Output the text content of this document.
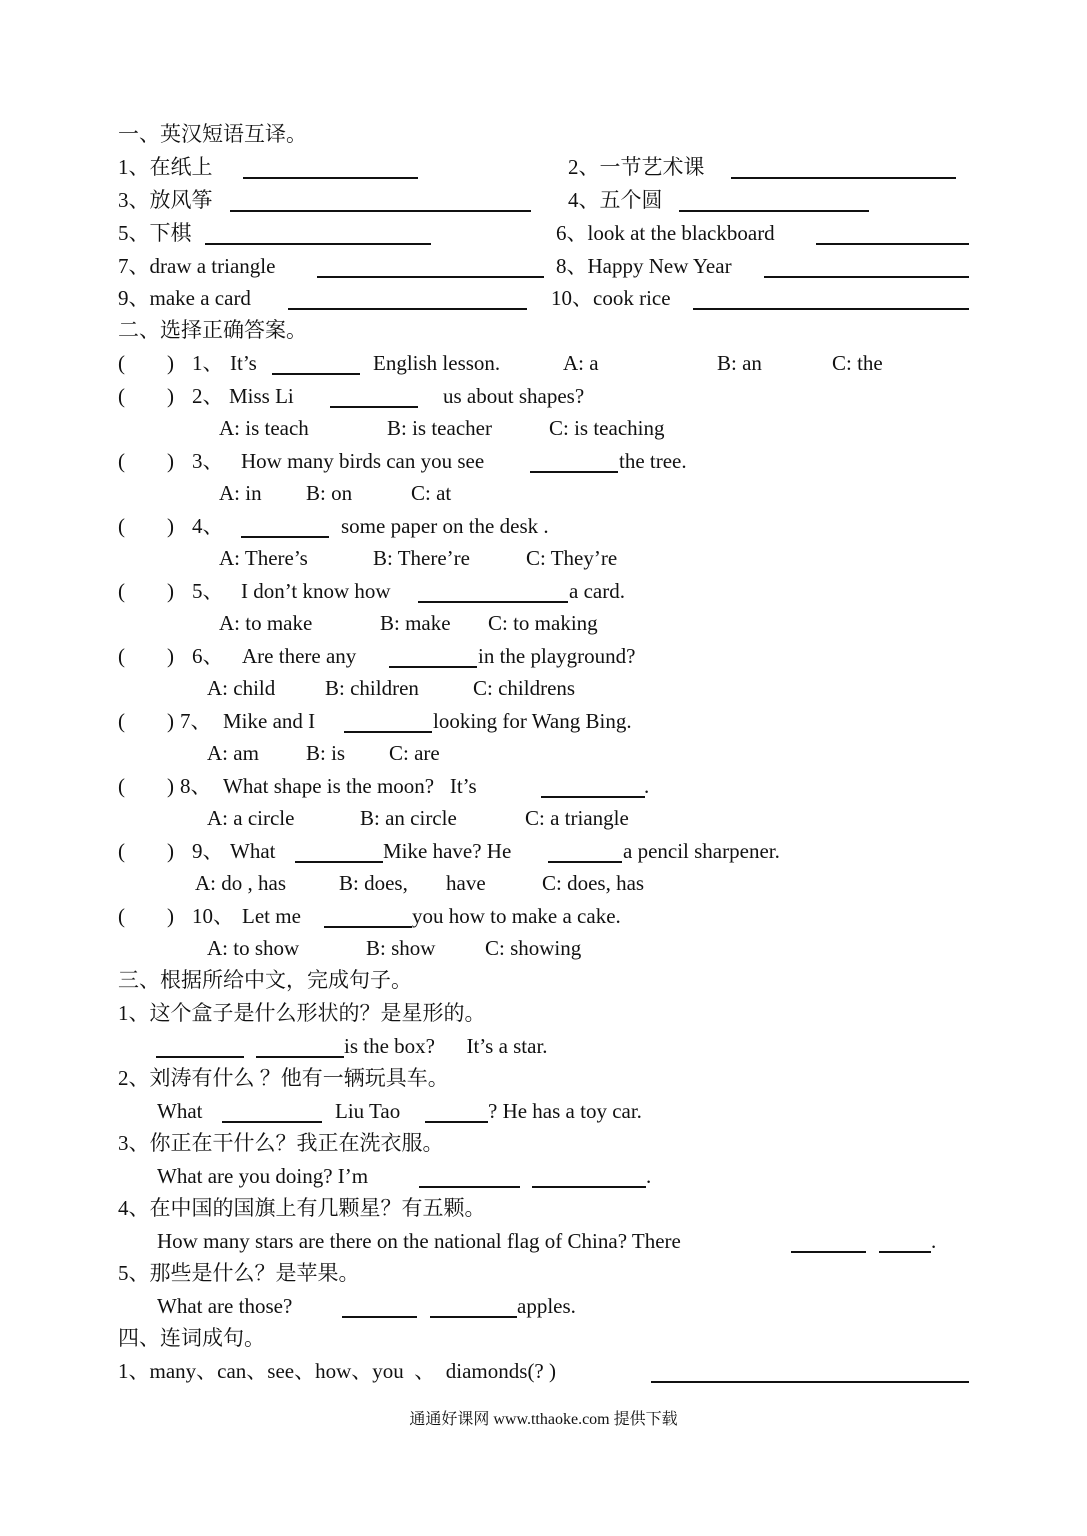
一、英汉短语互译。
1、在纸上	2、一节艺术课
3、放风筝	4、五个圆
5、下棋	6、look at the blackboard
7、draw a triangle	8、Happy New Year
9、make a card	10、cook rice
二、选择正确答案。
(        ) 1、 It’s	English lesson.	A: a	B: an	C: the
(        ) 2、 Miss Li	us about shapes?
A: is teach	B: is teacher	C: is teaching
(        ) 3、 How many birds can you see	the tree.
A: in B: on	C: at
(        ) 4、	some paper on the desk .
A: There’s	B: There’re	C: They’re
(        ) 5、 I don’t know how	a card.
A: to make	B: make C: to making
(        ) 6、 Are there any	in the playground?
A: child B: children	C: childrens
(        ) 7、 Mike and I	looking for Wang Bing.
A: am B: is C: are
(        ) 8、 What shape is the moon?   It’s	.
A: a circle	B: an circle	C: a triangle
(        ) 9、 What	Mike have? He	a pencil sharpener.
A: do , has	B: does, have	C: does, has
(        ) 10、 Let me	you how to make a cake.
A: to show	B: show C: showing
三、根据所给中文，完成句子。
1、这个盒子是什么形状的？是星形的。
is the box?      It’s a star.
2、刘涛有什么 ？他有一辆玩具车。
What	Liu Tao	? He has a toy car.
3、你正在干什么？我正在洗衣服。
What are you doing? I’m	.
4、在中国的国旗上有几颗星？有五颗。
How many stars are there on the national flag of China? There	.
5、那些是什么？是苹果。
What are those?	apples.
四、连词成句。
1、many、can、see、how、you  、  diamonds(? )
通通好课网 www.tthaoke.com 提供下载
